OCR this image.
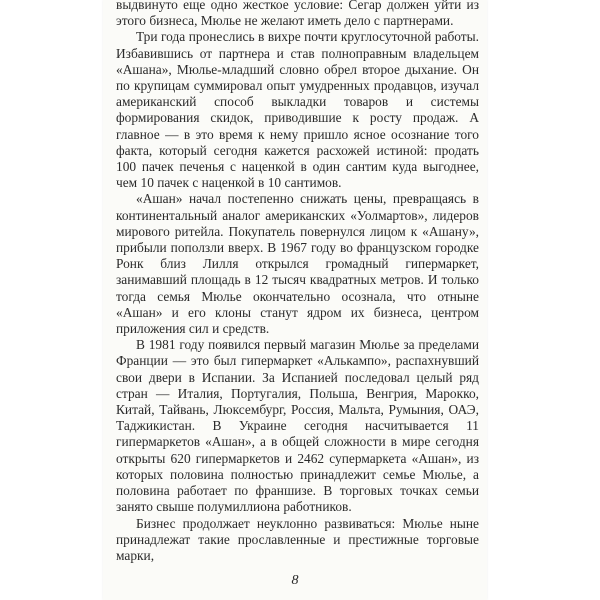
выдвинуто еще одно жесткое условие: Сегар должен уйти из этого бизнеса, Мюлье не желают иметь дело с партнерами.

Три года пронеслись в вихре почти круглосуточной работы. Избавившись от партнера и став полноправным владельцем «Ашана», Мюлье-младший словно обрел второе дыхание. Он по крупицам суммировал опыт умудренных продавцов, изучал американский способ выкладки товаров и системы формирования скидок, приводившие к росту продаж. А главное — в это время к нему пришло ясное осознание того факта, который сегодня кажется расхожей истиной: продать 100 пачек печенья с наценкой в один сантим куда выгоднее, чем 10 пачек с наценкой в 10 сантимов.

«Ашан» начал постепенно снижать цены, превращаясь в континентальный аналог американских «Уолмартов», лидеров мирового ритейла. Покупатель повернулся лицом к «Ашану», прибыли поползли вверх. В 1967 году во французском городке Ронк близ Лилля открылся громадный гипермаркет, занимавший площадь в 12 тысяч квадратных метров. И только тогда семья Мюлье окончательно осознала, что отныне «Ашан» и его клоны станут ядром их бизнеса, центром приложения сил и средств.

В 1981 году появился первый магазин Мюлье за пределами Франции — это был гипермаркет «Алькампо», распахнувший свои двери в Испании. За Испанией последовал целый ряд стран — Италия, Португалия, Польша, Венгрия, Марокко, Китай, Тайвань, Люксембург, Россия, Мальта, Румыния, ОАЭ, Таджикистан. В Украине сегодня насчитывается 11 гипермаркетов «Ашан», а в общей сложности в мире сегодня открыты 620 гипермаркетов и 2462 супермаркета «Ашан», из которых половина полностью принадлежит семье Мюлье, а половина работает по франшизе. В торговых точках семьи занято свыше полумиллиона работников.

Бизнес продолжает неуклонно развиваться: Мюлье ныне принадлежат такие прославленные и престижные торговые марки,

8
